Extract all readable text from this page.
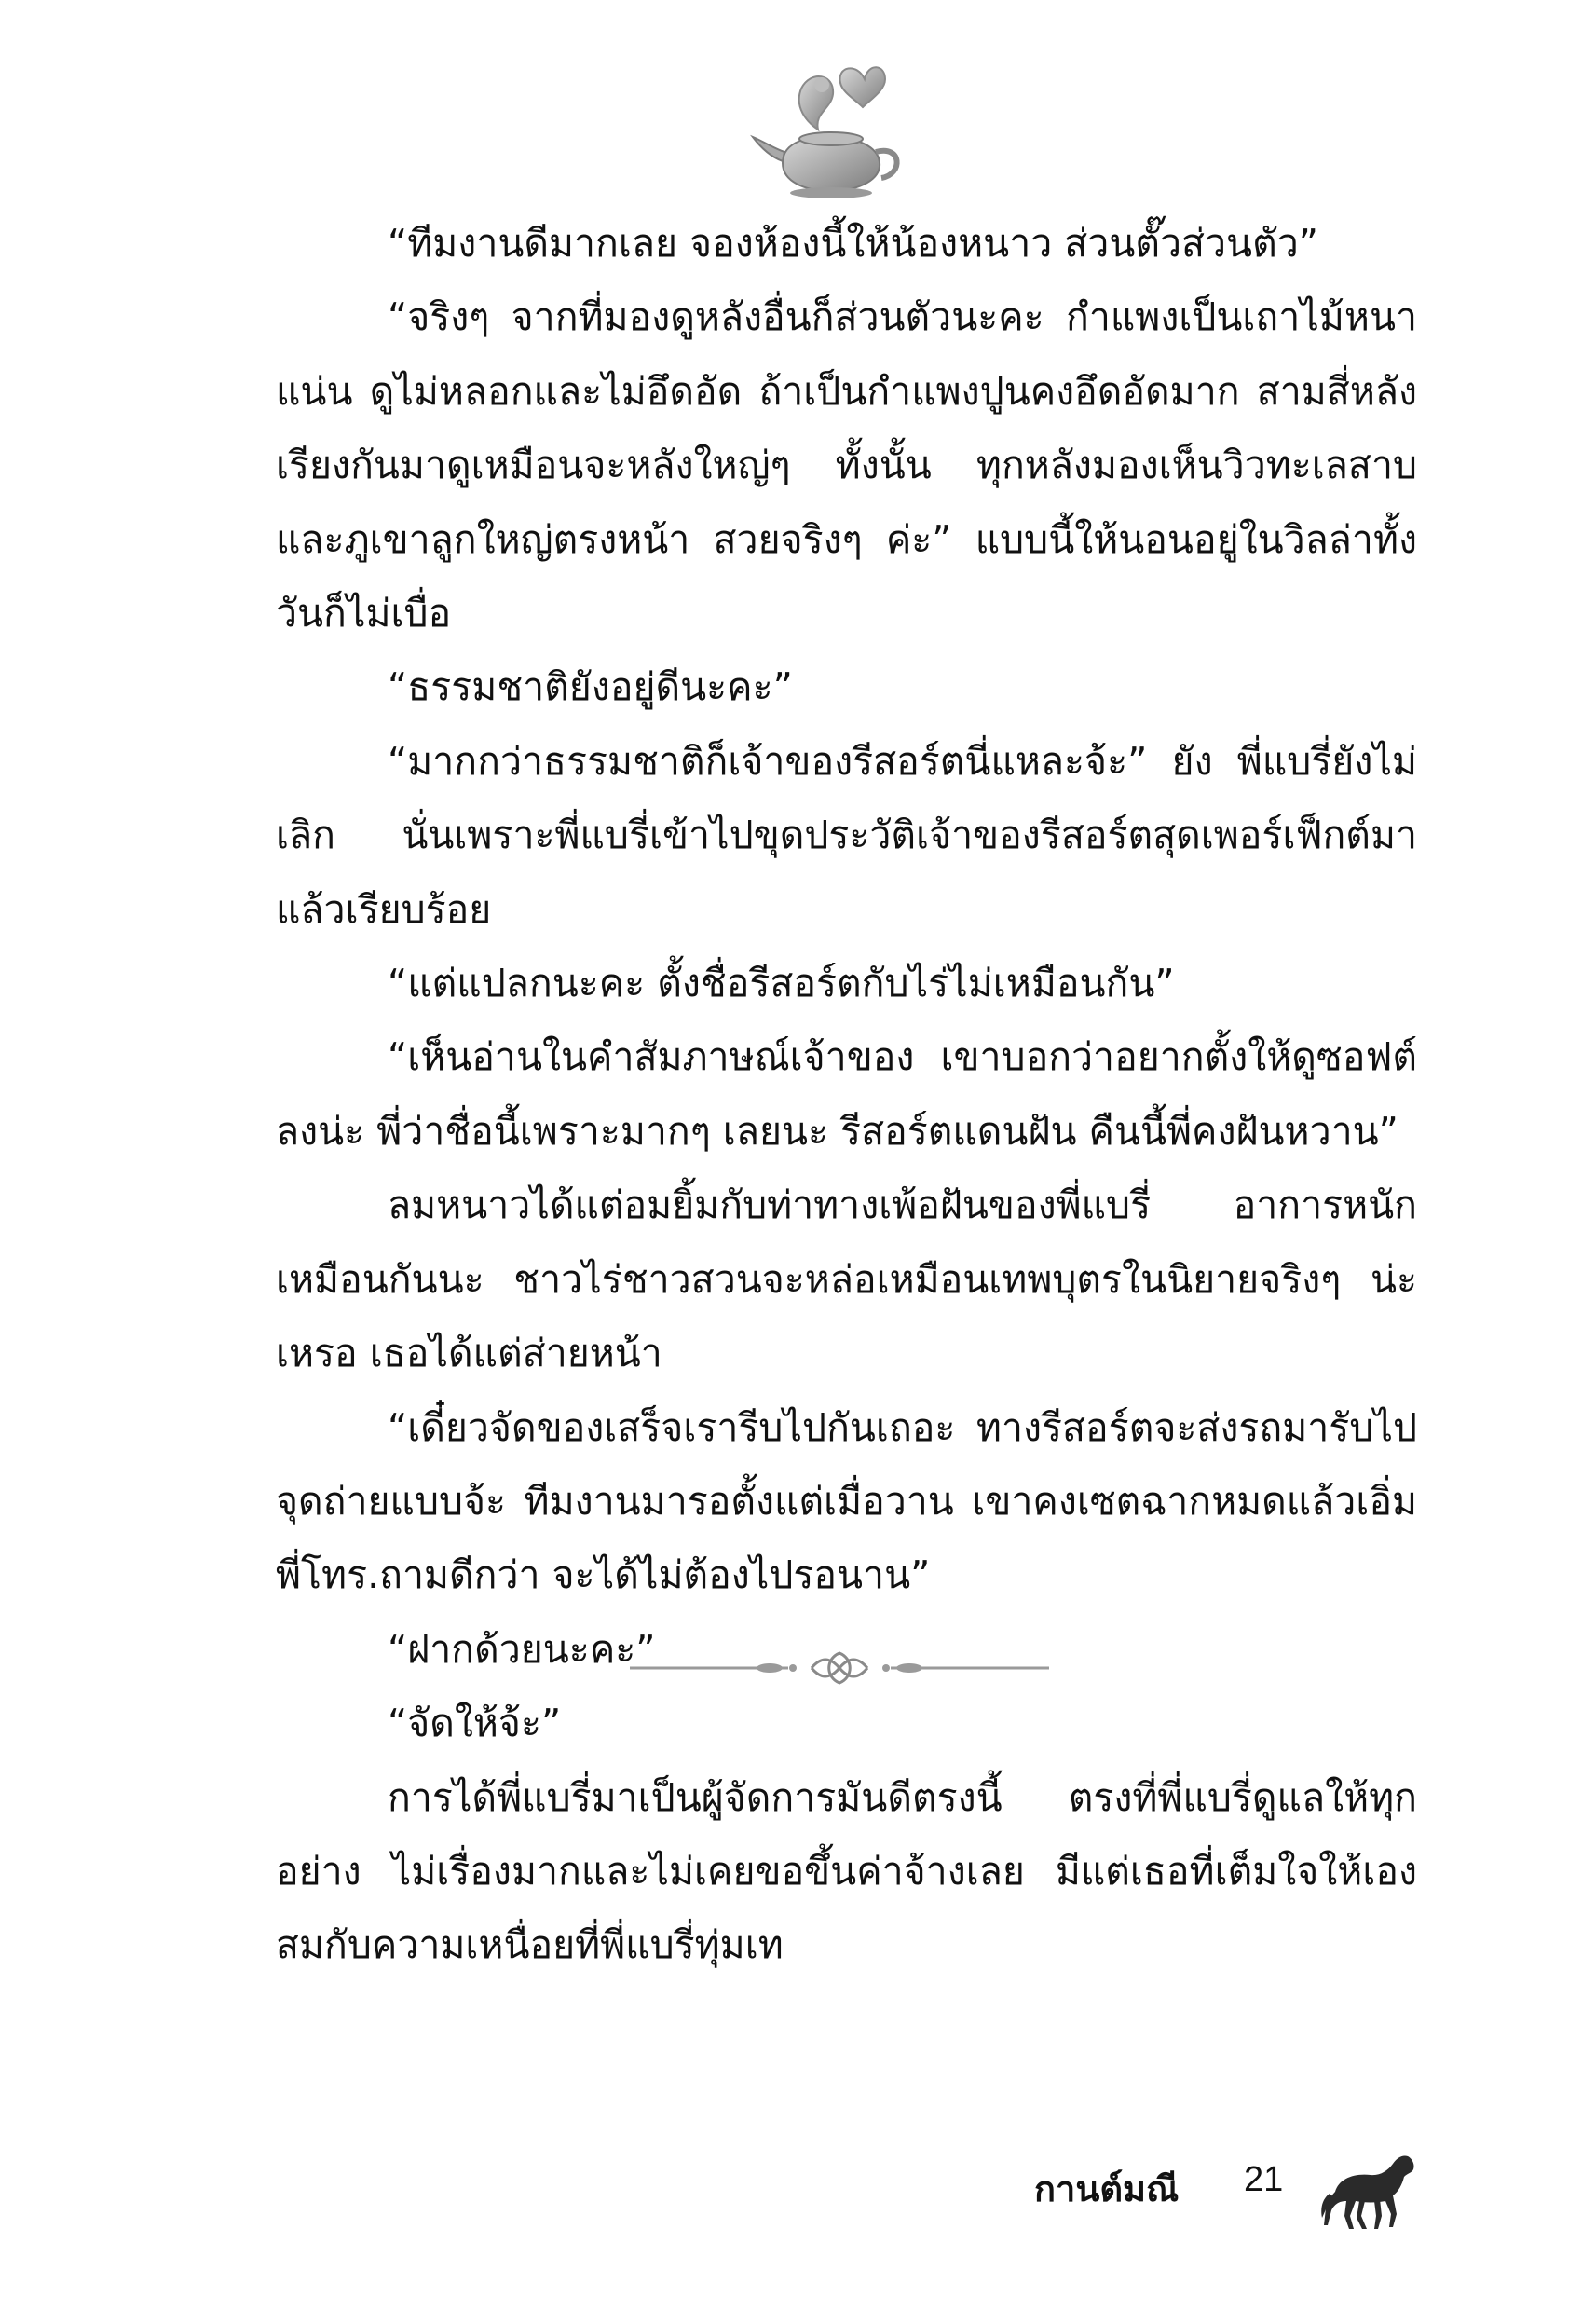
“ทีมงานดีมากเลย จองห้องนี้ให้น้องหนาว ส่วนตั๊วส่วนตัว”

“จริงๆ จากที่มองดูหลังอื่นก็ส่วนตัวนะคะ กำแพงเป็นเถาไม้หนาแน่น ดูไม่หลอกและไม่อึดอัด ถ้าเป็นกำแพงปูนคงอึดอัดมาก สามสี่หลังเรียงกันมาดูเหมือนจะหลังใหญ่ๆ ทั้งนั้น ทุกหลังมองเห็นวิวทะเลสาบและภูเขาลูกใหญ่ตรงหน้า สวยจริงๆ ค่ะ” แบบนี้ให้นอนอยู่ในวิลล่าทั้งวันก็ไม่เบื่อ

“ธรรมชาติยังอยู่ดีนะคะ”

“มากกว่าธรรมชาติก็เจ้าของรีสอร์ตนี่แหละจ้ะ” ยัง พี่แบรี่ยังไม่เลิก นั่นเพราะพี่แบรี่เข้าไปขุดประวัติเจ้าของรีสอร์ตสุดเพอร์เฟ็กต์มาแล้วเรียบร้อย

“แต่แปลกนะคะ ตั้งชื่อรีสอร์ตกับไร่ไม่เหมือนกัน”

“เห็นอ่านในคำสัมภาษณ์เจ้าของ เขาบอกว่าอยากตั้งให้ดูซอฟต์ลงน่ะ พี่ว่าชื่อนี้เพราะมากๆ เลยนะ รีสอร์ตแดนฝัน คืนนี้พี่คงฝันหวาน”

ลมหนาวได้แต่อมยิ้มกับท่าทางเพ้อฝันของพี่แบรี่ อาการหนักเหมือนกันนะ ชาวไร่ชาวสวนจะหล่อเหมือนเทพบุตรในนิยายจริงๆ น่ะเหรอ เธอได้แต่ส่ายหน้า

“เดี๋ยวจัดของเสร็จเรารีบไปกันเถอะ ทางรีสอร์ตจะส่งรถมารับไปจุดถ่ายแบบจ้ะ ทีมงานมารอตั้งแต่เมื่อวาน เขาคงเซตฉากหมดแล้วเอิ่ม พี่โทร.ถามดีกว่า จะได้ไม่ต้องไปรอนาน”

“ฝากด้วยนะคะ”

“จัดให้จ้ะ”

การได้พี่แบรี่มาเป็นผู้จัดการมันดีตรงนี้ ตรงที่พี่แบรี่ดูแลให้ทุกอย่าง ไม่เรื่องมากและไม่เคยขอขึ้นค่าจ้างเลย มีแต่เธอที่เต็มใจให้เองสมกับความเหนื่อยที่พี่แบรี่ทุ่มเท

กานต์มณี 21
